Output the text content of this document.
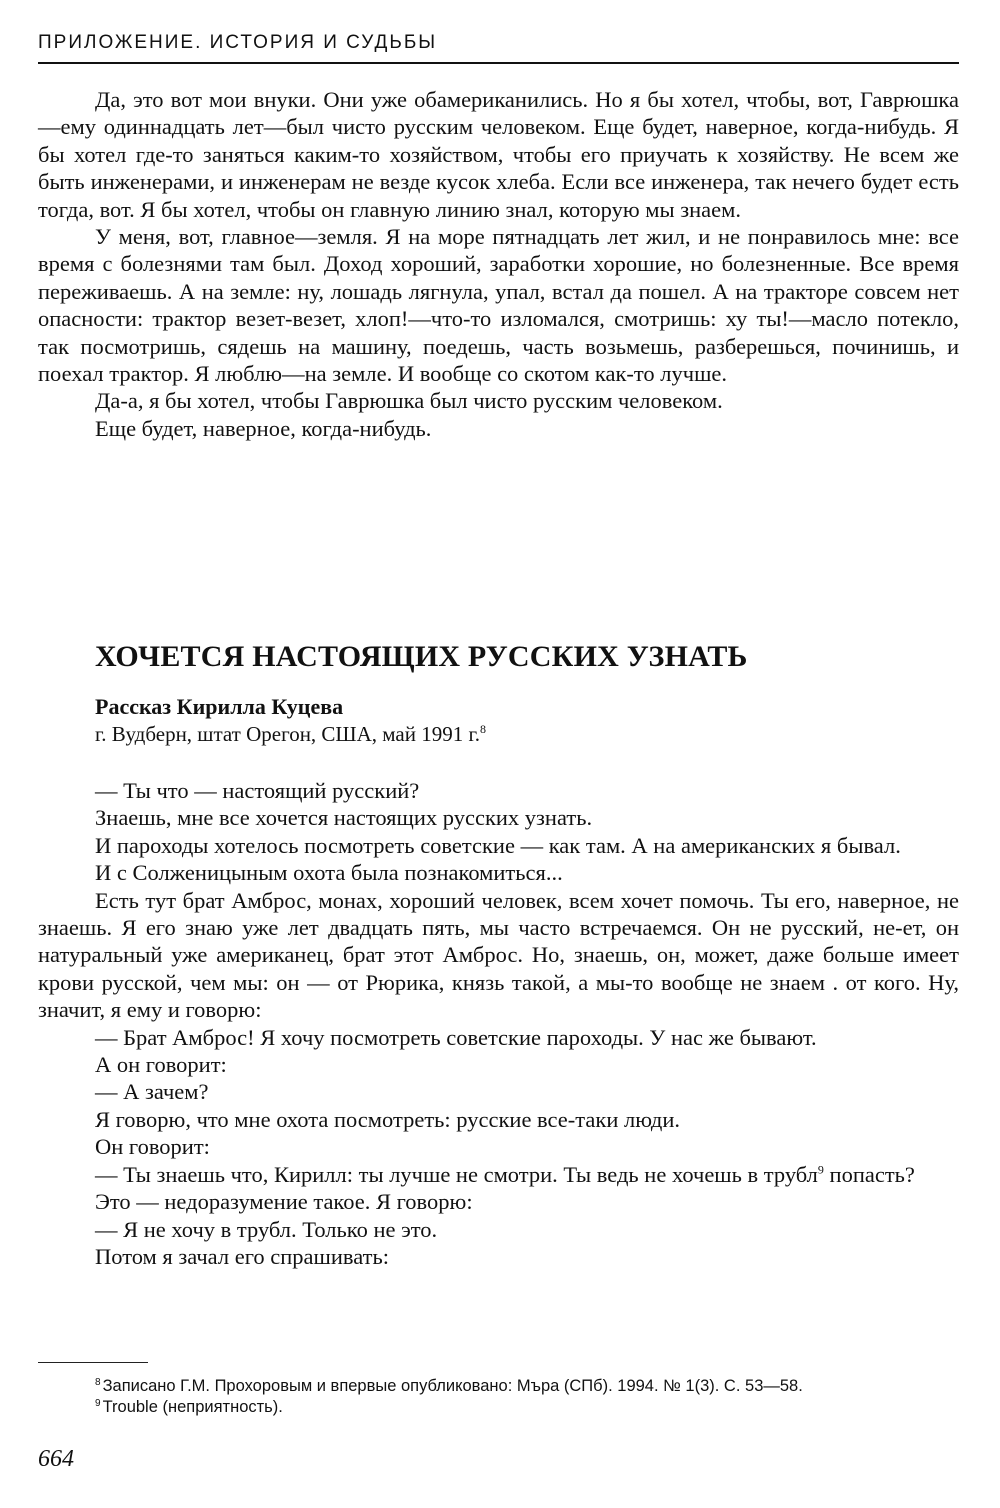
ПРИЛОЖЕНИЕ. ИСТОРИЯ И СУДЬБЫ

Да, это вот мои внуки. Они уже обамериканились. Но я бы хотел, чтобы, вот, Гаврюшка—ему одиннадцать лет—был чисто русским человеком. Еще будет, наверное, когда-нибудь. Я бы хотел где-то заняться каким-то хозяйством, чтобы его приучать к хозяйству. Не всем же быть инженерами, и инженерам не везде кусок хлеба. Если все инженера, так нечего будет есть тогда, вот. Я бы хотел, чтобы он главную линию знал, которую мы знаем.

У меня, вот, главное—земля. Я на море пятнадцать лет жил, и не понравилось мне: все время с болезнями там был. Доход хороший, заработки хорошие, но болезненные. Все время переживаешь. А на земле: ну, лошадь лягнула, упал, встал да пошел. А на тракторе совсем нет опасности: трактор везет-везет, хлоп!—что-то изломался, смотришь: ху ты!—масло потекло, так посмотришь, сядешь на машину, поедешь, часть возьмешь, разберешься, починишь, и поехал трактор. Я люблю—на земле. И вообще со скотом как-то лучше.

Да-а, я бы хотел, чтобы Гаврюшка был чисто русским человеком.

Еще будет, наверное, когда-нибудь.

ХОЧЕТСЯ НАСТОЯЩИХ РУССКИХ УЗНАТЬ
Рассказ Кирилла Куцева
г. Вудберн, штат Орегон, США, май 1991 г.$^8$

— Ты что — настоящий русский?

Знаешь, мне все хочется настоящих русских узнать.

И пароходы хотелось посмотреть советские — как там. А на американских я бывал.

И с Солженицыным охота была познакомиться...

Есть тут брат Амброс, монах, хороший человек, всем хочет помочь. Ты его, наверное, не знаешь. Я его знаю уже лет двадцать пять, мы часто встречаемся. Он не русский, не-ет, он натуральный уже американец, брат этот Амброс. Но, знаешь, он, может, даже больше имеет крови русской, чем мы: он — от Рюрика, князь такой, а мы-то вообще не знаем . от кого. Ну, значит, я ему и говорю:

— Брат Амброс! Я хочу посмотреть советские пароходы. У нас же бывают.

А он говорит:

— А зачем?

Я говорю, что мне охота посмотреть: русские все-таки люди.

Он говорит:

— Ты знаешь что, Кирилл: ты лучше не смотри. Ты ведь не хочешь в трубл$^9$ попасть?

Это — недоразумение такое. Я говорю:

— Я не хочу в трубл. Только не это.

Потом я зачал его спрашивать:

$^8$ Записано Г.М. Прохоровым и впервые опубликовано: Мъра (СПб). 1994. № 1(3). С. 53—58.

$^9$ Trouble (неприятность).

664
